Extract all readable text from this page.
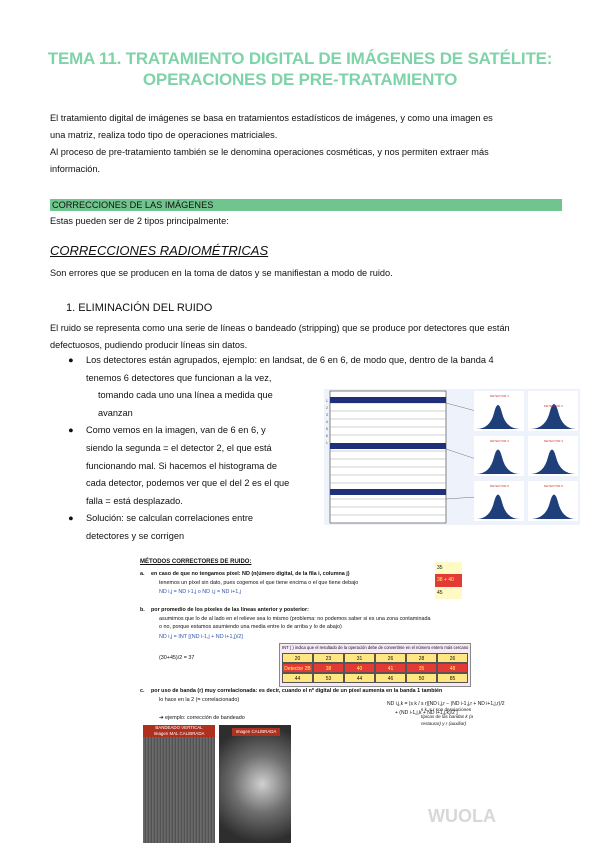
TEMA 11. TRATAMIENTO DIGITAL DE IMÁGENES DE SATÉLITE:
OPERACIONES DE PRE-TRATAMIENTO
El tratamiento digital de imágenes se basa en tratamientos estadísticos de imágenes, y como una imagen es
una matriz, realiza todo tipo de operaciones matriciales.
Al proceso de pre-tratamiento también se le denomina operaciones cosméticas, y nos permiten extraer más
información.
CORRECCIONES DE LAS IMÁGENES
Estas pueden ser de 2 tipos principalmente:
CORRECCIONES RADIOMÉTRICAS
Son errores que se producen en la toma de datos y se manifiestan a modo de ruido.
1. ELIMINACIÓN DEL RUIDO
El ruido se representa como una serie de líneas o bandeado (stripping) que se produce por detectores que están
defectuosos, pudiendo producir líneas sin datos.
● Los detectores están agrupados, ejemplo: en landsat, de 6 en 6, de modo que, dentro de la banda 4
tenemos 6 detectores que funcionan a la vez,
tomando cada uno una línea a medida que
avanzan
● Como vemos en la imagen, van de 6 en 6, y
siendo la segunda = el detector 2, el que está
funcionando mal. Si hacemos el histograma de
cada detector, podemos ver que el del 2 es el que
falla = está desplazado.
● Solución: se calculan correlaciones entre
detectores y se corrigen
1
2
3
4
5
6
1
DETECTOR 1
DETECTOR 2
DETECTOR 3	DETECTOR 4
DETECTOR 5	DETECTOR 6
MÉTODOS CORRECTORES DE RUIDO:
a. en caso de que no tengamos píxel: ND (n(úmero digital, de la fila i, columna j)
tenemos un píxel sin dato, pues cogemos el que tiene encima o el que tiene debajo
ND i,j = ND i-1,j o ND i,j = ND i+1,j
35
38 + 40
45
b. por promedio de los píxeles de las líneas anterior y posterior:
asumimos que lo de al lado en el relieve sea lo mismo (problema: no podemos saber si es una zona contaminada
o no, porque estamos asumiendo una media entre lo de arriba y lo de abajo)
ND i,j = INT [(ND i-1,j + ND i+1,j)/2]
(30+45)/2 = 37
INT ( ) indica que el resultado de la operación debe de convertirse en el número entero más cercano
20	23	31	26	28	26
Detector 2B	38	40	41	35	48
44	53	44	46	50	85
c. por uso de banda (r) muy correlacionada: es decir, cuando el nº digital de un píxel aumenta en la banda 1 también
lo hace en la 2 (= correlacionado)
ND i,j,k = (s k / s r)[ND i,j,r − (ND i-1,j,r + ND i+1,j,r)/2
+ (ND i-1,j,k + ND i+1,j,k)/2 ]
s k, s r son desviaciones
típicas de las bandas k (a
restaurar) y r (auxiliar)
➔ ejemplo: corrección de bandeado
BANDEADO VERTICAL
Imagen MAL CALIBRADA	Imagen CALIBRADA
WUOLA
